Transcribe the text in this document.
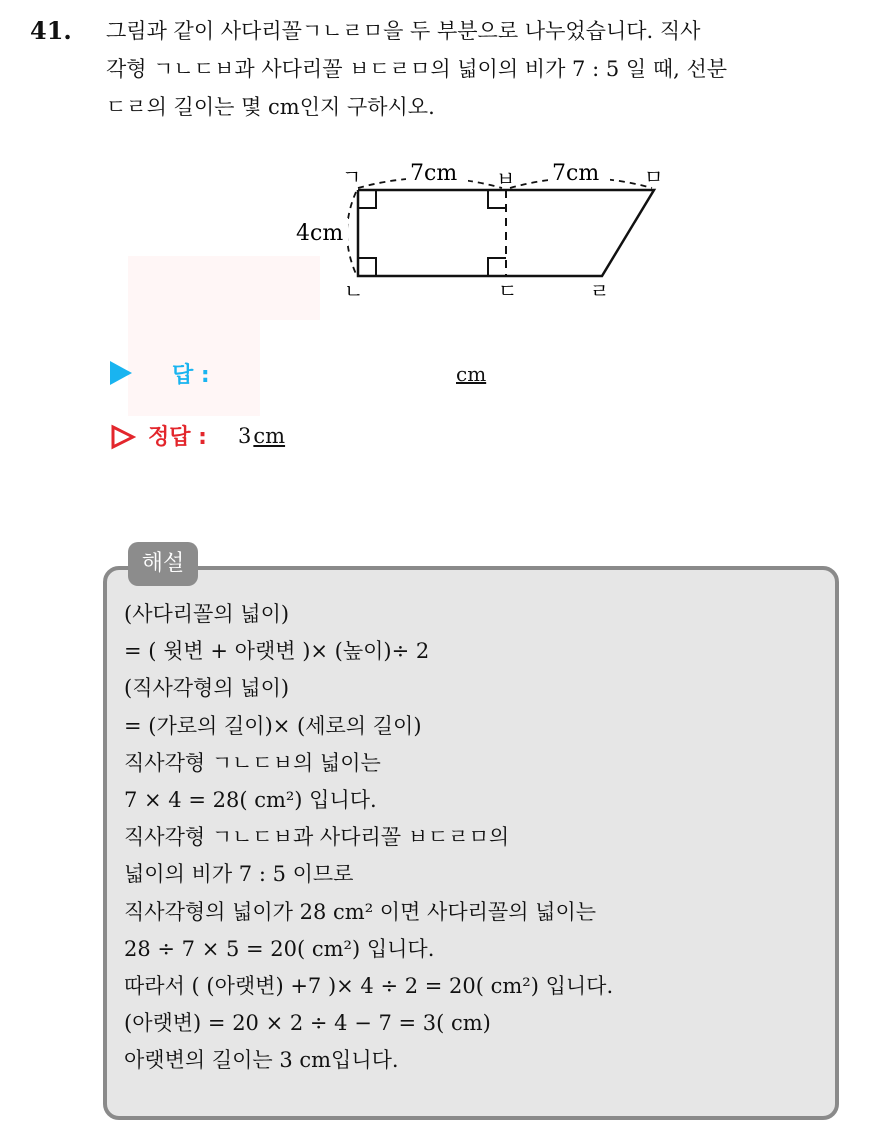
41. 그림과 같이 사다리꼴ㄱㄴㄹㅁ을 두 부분으로 나누었습니다. 직사
각형 ㄱㄴㄷㅂ과 사다리꼴 ㅂㄷㄹㅁ의 넓이의 비가 7 : 5 일 때, 선분
ㄷㄹ의 길이는 몇 cm인지 구하시오.
7cm	7cm
4cm
ㄱ	ㅂ	ㅁ
ㄴ	ㄷ	ㄹ
답 :	cm
정답 : 3cm
해설
(사다리꼴의 넓이)
= ( 윗변 + 아랫변 )× (높이)÷ 2
(직사각형의 넓이)
= (가로의 길이)× (세로의 길이)
직사각형 ㄱㄴㄷㅂ의 넓이는
7 × 4 = 28( cm²) 입니다.
직사각형 ㄱㄴㄷㅂ과 사다리꼴 ㅂㄷㄹㅁ의
넓이의 비가 7 : 5 이므로
직사각형의 넓이가 28 cm² 이면 사다리꼴의 넓이는
28 ÷ 7 × 5 = 20( cm²) 입니다.
따라서 ( (아랫변) +7 )× 4 ÷ 2 = 20( cm²) 입니다.
(아랫변) = 20 × 2 ÷ 4 − 7 = 3( cm)
아랫변의 길이는 3 cm입니다.
